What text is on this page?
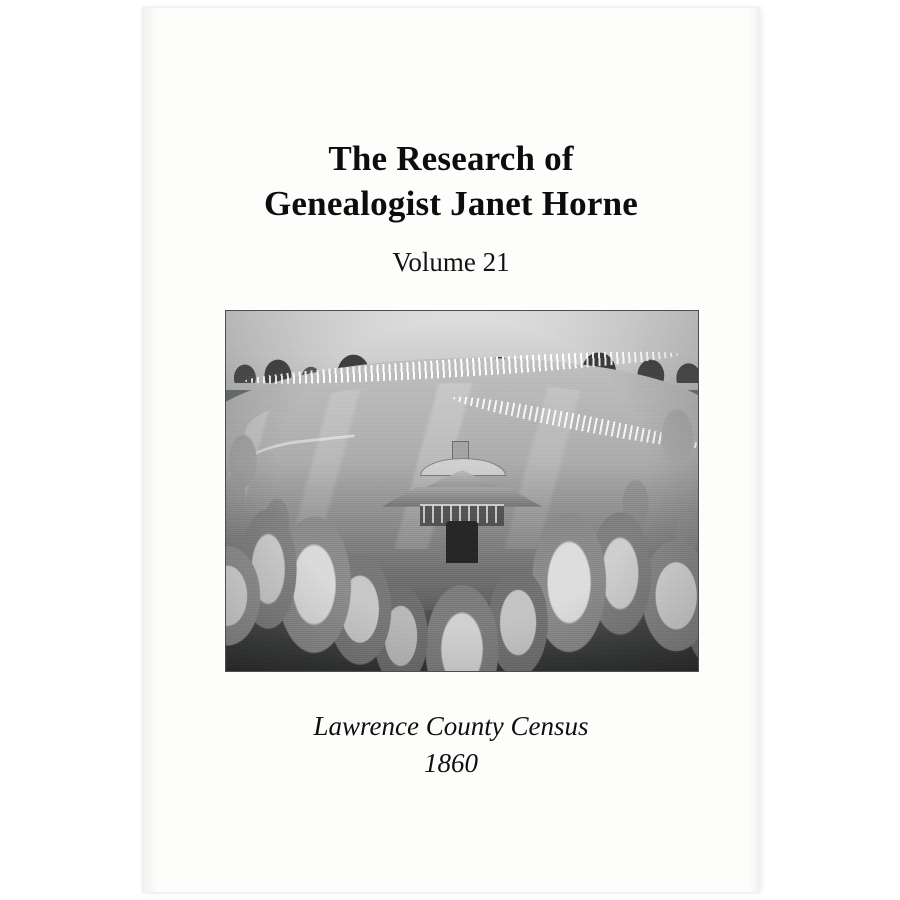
The Research of
Genealogist Janet Horne
Volume 21
Lawrence County Census
1860
